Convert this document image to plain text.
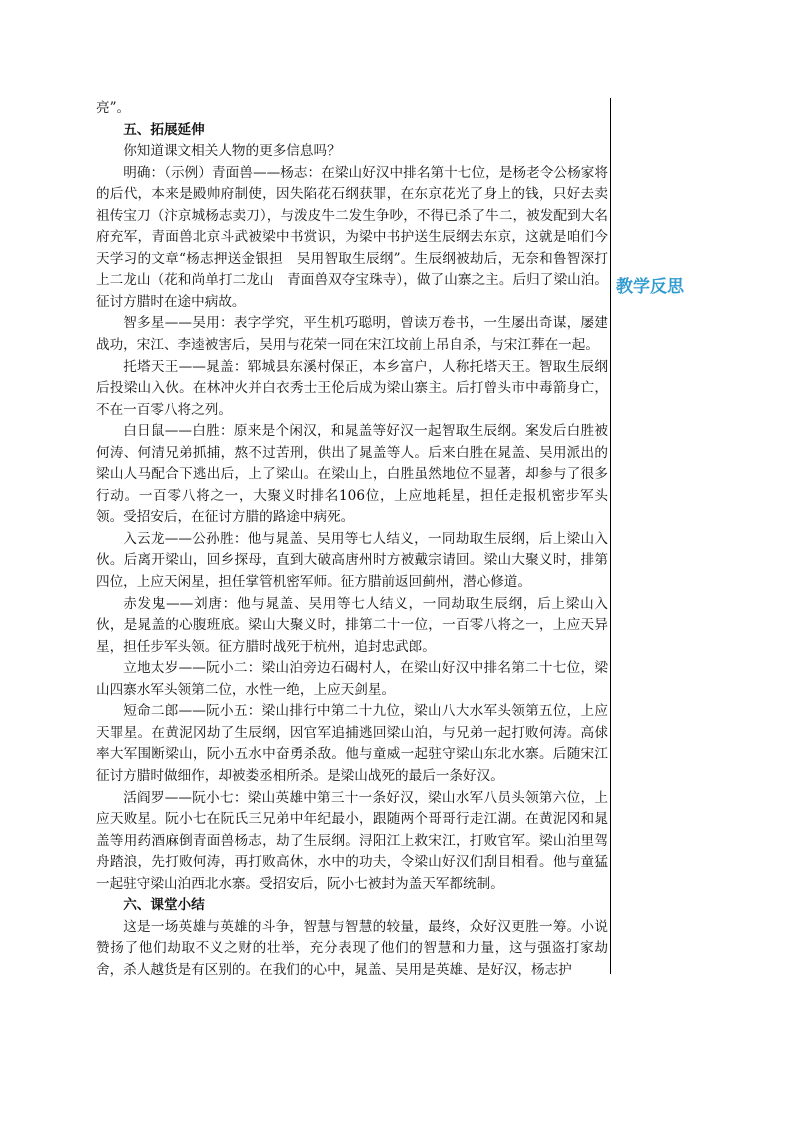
亮”。

五、拓展延伸

你知道课文相关人物的更多信息吗？

明确：（示例）青面兽——杨志：在梁山好汉中排名第十七位，是杨老令公杨家将的后代，本来是殿帅府制使，因失陷花石纲获罪，在东京花光了身上的钱，只好去卖祖传宝刀（汴京城杨志卖刀），与泼皮牛二发生争吵，不得已杀了牛二，被发配到大名府充军，青面兽北京斗武被梁中书赏识，为梁中书护送生辰纲去东京，这就是咱们今天学习的文章“杨志押送金银担　吴用智取生辰纲”。生辰纲被劫后，无奈和鲁智深打上二龙山（花和尚单打二龙山　青面兽双夺宝珠寺），做了山寨之主。后归了梁山泊。征讨方腊时在途中病故。

智多星——吴用：表字学究，平生机巧聪明，曾读万卷书，一生屡出奇谋，屡建战功，宋江、李逵被害后，吴用与花荣一同在宋江坟前上吊自杀，与宋江葬在一起。

托塔天王——晁盖：郓城县东溪村保正，本乡富户，人称托塔天王。智取生辰纲后投梁山入伙。在林冲火并白衣秀士王伦后成为梁山寨主。后打曾头市中毒箭身亡，不在一百零八将之列。

白日鼠——白胜：原来是个闲汉，和晁盖等好汉一起智取生辰纲。案发后白胜被何涛、何清兄弟抓捕，熬不过苦刑，供出了晁盖等人。后来白胜在晁盖、吴用派出的梁山人马配合下逃出后，上了梁山。在梁山上，白胜虽然地位不显著，却参与了很多行动。一百零八将之一，大聚义时排名106位，上应地耗星，担任走报机密步军头领。受招安后，在征讨方腊的路途中病死。

入云龙——公孙胜：他与晁盖、吴用等七人结义，一同劫取生辰纲，后上梁山入伙。后离开梁山，回乡探母，直到大破高唐州时方被戴宗请回。梁山大聚义时，排第四位，上应天闲星，担任掌管机密军师。征方腊前返回蓟州，潜心修道。

赤发鬼——刘唐：他与晁盖、吴用等七人结义，一同劫取生辰纲，后上梁山入伙，是晁盖的心腹班底。梁山大聚义时，排第二十一位，一百零八将之一，上应天异星，担任步军头领。征方腊时战死于杭州，追封忠武郎。

立地太岁——阮小二：梁山泊旁边石碣村人，在梁山好汉中排名第二十七位，梁山四寨水军头领第二位，水性一绝，上应天剑星。

短命二郎——阮小五：梁山排行中第二十九位，梁山八大水军头领第五位，上应天罪星。在黄泥冈劫了生辰纲，因官军追捕逃回梁山泊，与兄弟一起打败何涛。高俅率大军围断梁山，阮小五水中奋勇杀敌。他与童威一起驻守梁山东北水寨。后随宋江征讨方腊时做细作，却被娄丞相所杀。是梁山战死的最后一条好汉。

活阎罗——阮小七：梁山英雄中第三十一条好汉，梁山水军八员头领第六位，上应天败星。阮小七在阮氏三兄弟中年纪最小，跟随两个哥哥行走江湖。在黄泥冈和晁盖等用药酒麻倒青面兽杨志，劫了生辰纲。浔阳江上救宋江，打败官军。梁山泊里驾舟踏浪，先打败何涛，再打败高休，水中的功夫，令梁山好汉们刮目相看。他与童猛一起驻守梁山泊西北水寨。受招安后，阮小七被封为盖天军都统制。

六、课堂小结

这是一场英雄与英雄的斗争，智慧与智慧的较量，最终，众好汉更胜一筹。小说赞扬了他们劫取不义之财的壮举，充分表现了他们的智慧和力量，这与强盗打家劫舍，杀人越货是有区别的。在我们的心中，晁盖、吴用是英雄、是好汉，杨志护

教学反思
